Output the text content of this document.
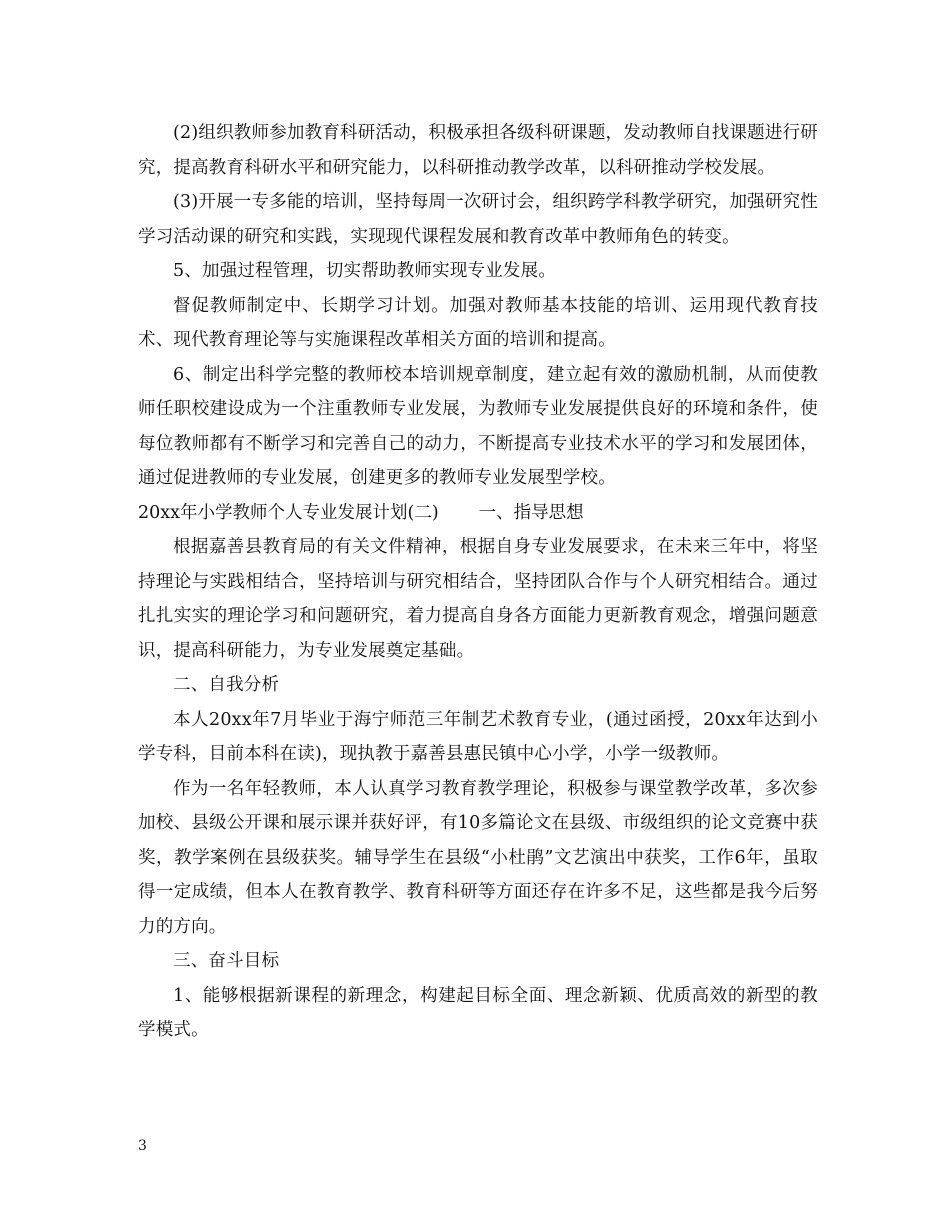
(2)组织教师参加教育科研活动，积极承担各级科研课题，发动教师自找课题进行研究，提高教育科研水平和研究能力，以科研推动教学改革，以科研推动学校发展。

(3)开展一专多能的培训，坚持每周一次研讨会，组织跨学科教学研究，加强研究性学习活动课的研究和实践，实现现代课程发展和教育改革中教师角色的转变。

5、加强过程管理，切实帮助教师实现专业发展。

督促教师制定中、长期学习计划。加强对教师基本技能的培训、运用现代教育技术、现代教育理论等与实施课程改革相关方面的培训和提高。

6、制定出科学完整的教师校本培训规章制度，建立起有效的激励机制，从而使教师任职校建设成为一个注重教师专业发展，为教师专业发展提供良好的环境和条件，使每位教师都有不断学习和完善自己的动力，不断提高专业技术水平的学习和发展团体，通过促进教师的专业发展，创建更多的教师专业发展型学校。

20xx年小学教师个人专业发展计划(二) 一、指导思想

根据嘉善县教育局的有关文件精神，根据自身专业发展要求，在未来三年中，将坚持理论与实践相结合，坚持培训与研究相结合，坚持团队合作与个人研究相结合。通过扎扎实实的理论学习和问题研究，着力提高自身各方面能力更新教育观念，增强问题意识，提高科研能力，为专业发展奠定基础。

二、自我分析

本人20xx年7月毕业于海宁师范三年制艺术教育专业，(通过函授，20xx年达到小学专科，目前本科在读)，现执教于嘉善县惠民镇中心小学，小学一级教师。

作为一名年轻教师，本人认真学习教育教学理论，积极参与课堂教学改革，多次参加校、县级公开课和展示课并获好评，有10多篇论文在县级、市级组织的论文竞赛中获奖，教学案例在县级获奖。辅导学生在县级“小杜鹃”文艺演出中获奖，工作6年，虽取得一定成绩，但本人在教育教学、教育科研等方面还存在许多不足，这些都是我今后努力的方向。

三、奋斗目标

1、能够根据新课程的新理念，构建起目标全面、理念新颖、优质高效的新型的教学模式。

3
